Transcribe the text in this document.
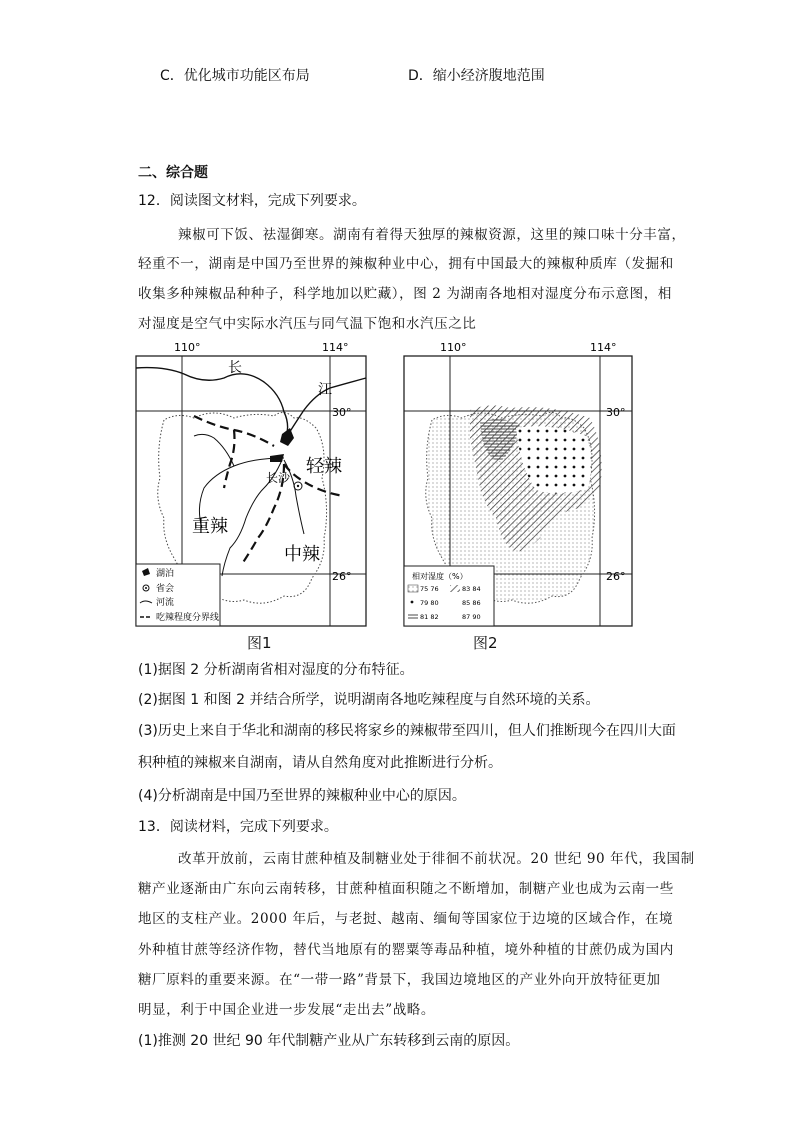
C．优化城市功能区布局	D．缩小经济腹地范围
二、综合题
12．阅读图文材料，完成下列要求。
辣椒可下饭、祛湿御寒。湖南有着得天独厚的辣椒资源，这里的辣口味十分丰富，
轻重不一，湖南是中国乃至世界的辣椒种业中心，拥有中国最大的辣椒种质库（发掘和
收集多种辣椒品种种子，科学地加以贮藏），图 2 为湖南各地相对湿度分布示意图，相
对湿度是空气中实际水汽压与同气温下饱和水汽压之比
110°	114°
长
江
长沙
轻辣
重辣
中辣
30°
26°
湖泊
省会
河流
吃辣程度分界线
图1
110°	114°
30°
26°
相对湿度（%）
75 76	83 84
79 80	85 86
81 82	87 90
图2
(1)据图 2 分析湖南省相对湿度的分布特征。
(2)据图 1 和图 2 并结合所学，说明湖南各地吃辣程度与自然环境的关系。
(3)历史上来自于华北和湖南的移民将家乡的辣椒带至四川，但人们推断现今在四川大面
积种植的辣椒来自湖南，请从自然角度对此推断进行分析。
(4)分析湖南是中国乃至世界的辣椒种业中心的原因。
13．阅读材料，完成下列要求。
改革开放前，云南甘蔗种植及制糖业处于徘徊不前状况。20 世纪 90 年代，我国制
糖产业逐渐由广东向云南转移，甘蔗种植面积随之不断增加，制糖产业也成为云南一些
地区的支柱产业。2000 年后，与老挝、越南、缅甸等国家位于边境的区域合作，在境
外种植甘蔗等经济作物，替代当地原有的罂粟等毒品种植，境外种植的甘蔗仍成为国内
糖厂原料的重要来源。在“一带一路”背景下，我国边境地区的产业外向开放特征更加
明显，利于中国企业进一步发展“走出去”战略。
(1)推测 20 世纪 90 年代制糖产业从广东转移到云南的原因。
